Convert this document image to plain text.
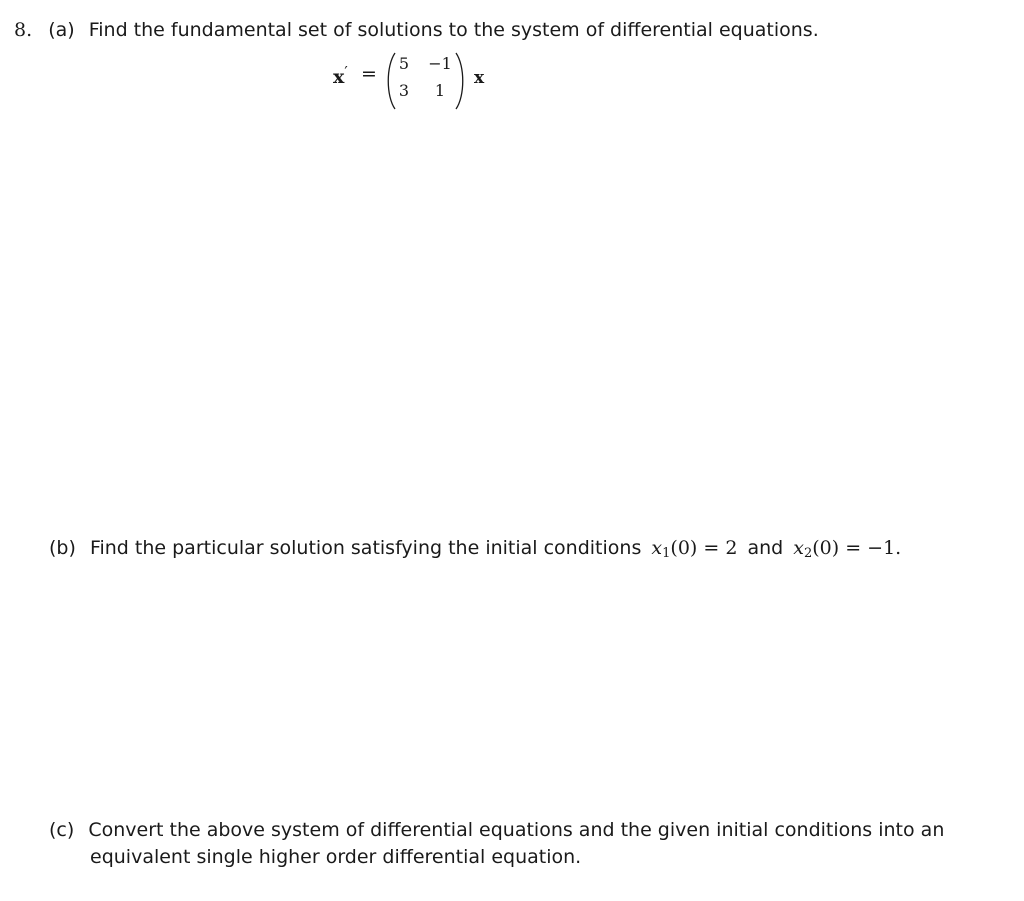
8. (a) Find the fundamental set of solutions to the system of differential equations.
x′ =	5	−1
3	1
x
(b) Find the particular solution satisfying the initial conditions $x_1(0) = 2$ and $x_2(0) = -1$.
(c) Convert the above system of differential equations and the given initial conditions into an
equivalent single higher order differential equation.
